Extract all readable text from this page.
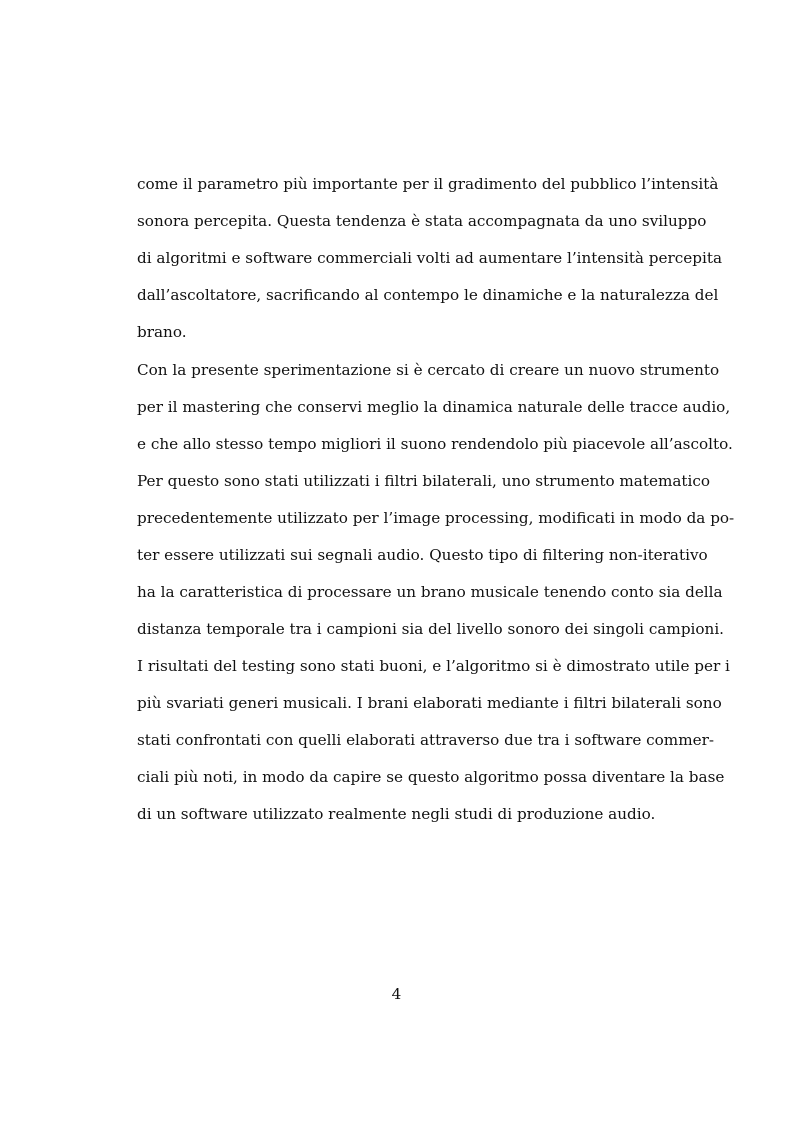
come il parametro più importante per il gradimento del pubblico l’intensità
sonora percepita. Questa tendenza è stata accompagnata da uno sviluppo
di algoritmi e software commerciali volti ad aumentare l’intensità percepita
dall’ascoltatore, sacrificando al contempo le dinamiche e la naturalezza del
brano.
Con la presente sperimentazione si è cercato di creare un nuovo strumento
per il mastering che conservi meglio la dinamica naturale delle tracce audio,
e che allo stesso tempo migliori il suono rendendolo più piacevole all’ascolto.
Per questo sono stati utilizzati i filtri bilaterali, uno strumento matematico
precedentemente utilizzato per l’image processing, modificati in modo da po-
ter essere utilizzati sui segnali audio. Questo tipo di filtering non-iterativo
ha la caratteristica di processare un brano musicale tenendo conto sia della
distanza temporale tra i campioni sia del livello sonoro dei singoli campioni.
I risultati del testing sono stati buoni, e l’algoritmo si è dimostrato utile per i
più svariati generi musicali. I brani elaborati mediante i filtri bilaterali sono
stati confrontati con quelli elaborati attraverso due tra i software commer-
ciali più noti, in modo da capire se questo algoritmo possa diventare la base
di un software utilizzato realmente negli studi di produzione audio.
4
